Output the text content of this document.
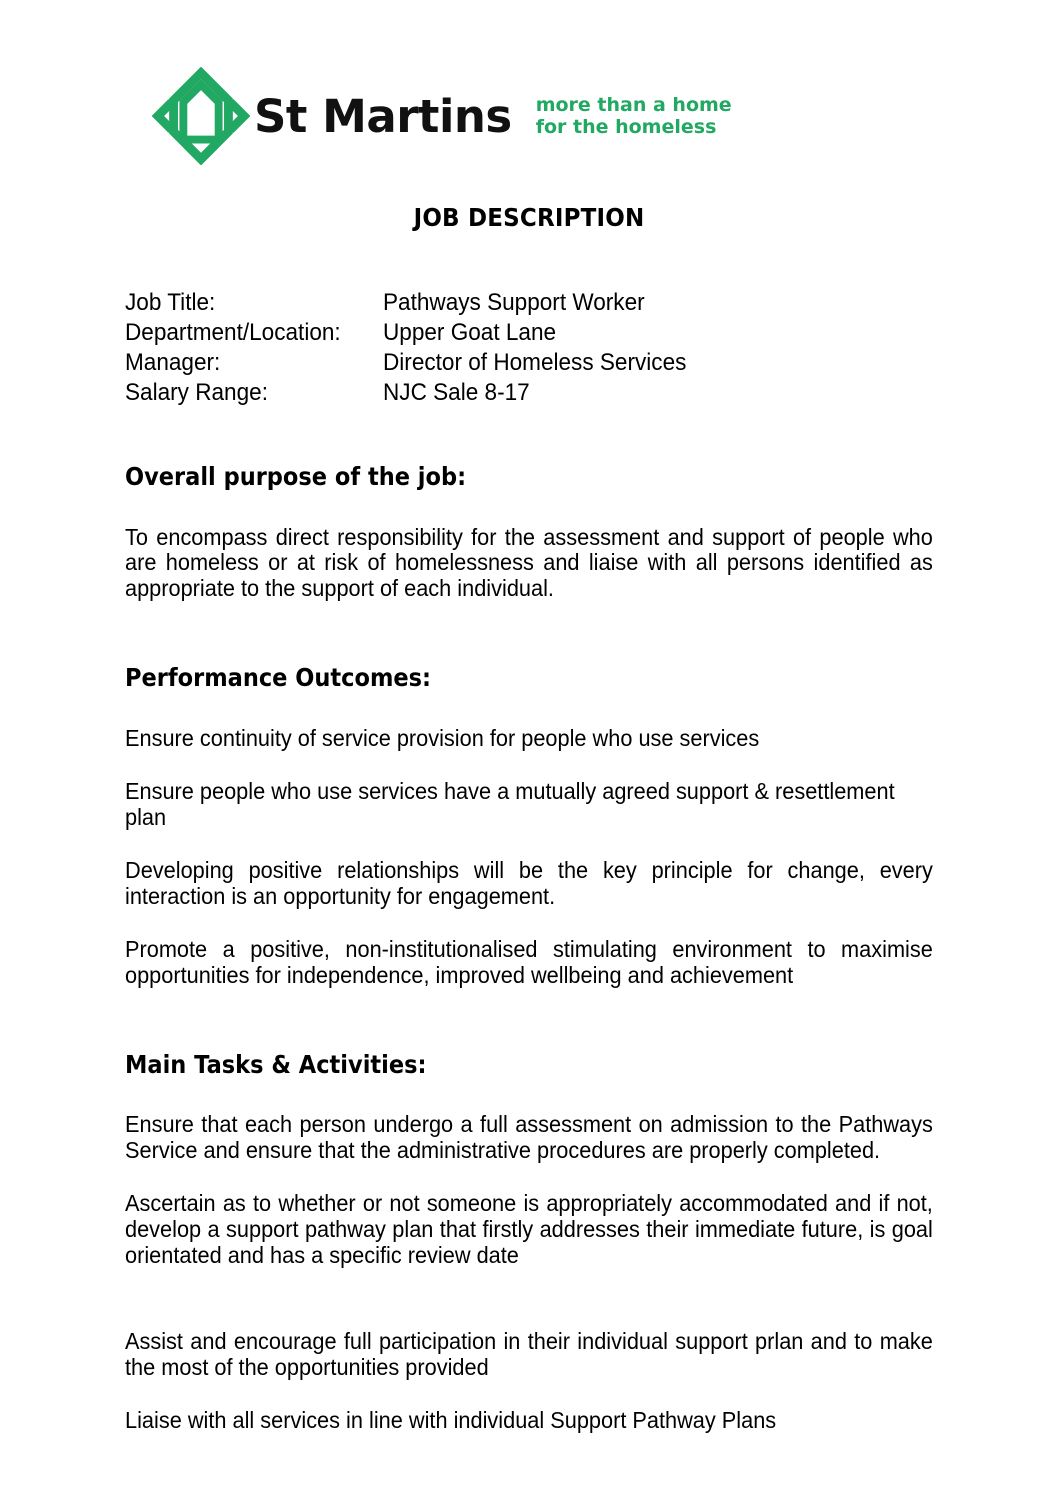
St Martins more than a home
for the homeless
JOB DESCRIPTION
Job Title:	Pathways Support Worker
Department/Location:	Upper Goat Lane
Manager:	Director of Homeless Services
Salary Range:	NJC Sale 8-17
Overall purpose of the job:

To encompass direct responsibility for the assessment and support of people who are homeless or at risk of homelessness and liaise with all persons identified as appropriate to the support of each individual.

Performance Outcomes:

Ensure continuity of service provision for people who use services

Ensure people who use services have a mutually agreed support & resettlement plan

Developing positive relationships will be the key principle for change, every interaction is an opportunity for engagement.

Promote a positive, non-institutionalised stimulating environment to maximise opportunities for independence, improved wellbeing and achievement

Main Tasks & Activities:

Ensure that each person undergo a full assessment on admission to the Pathways Service and ensure that the administrative procedures are properly completed.

Ascertain as to whether or not someone is appropriately accommodated and if not, develop a support pathway plan that firstly addresses their immediate future, is goal orientated and has a specific review date

Assist and encourage full participation in their individual support prlan and to make the most of the opportunities provided

Liaise with all services in line with individual Support Pathway Plans
